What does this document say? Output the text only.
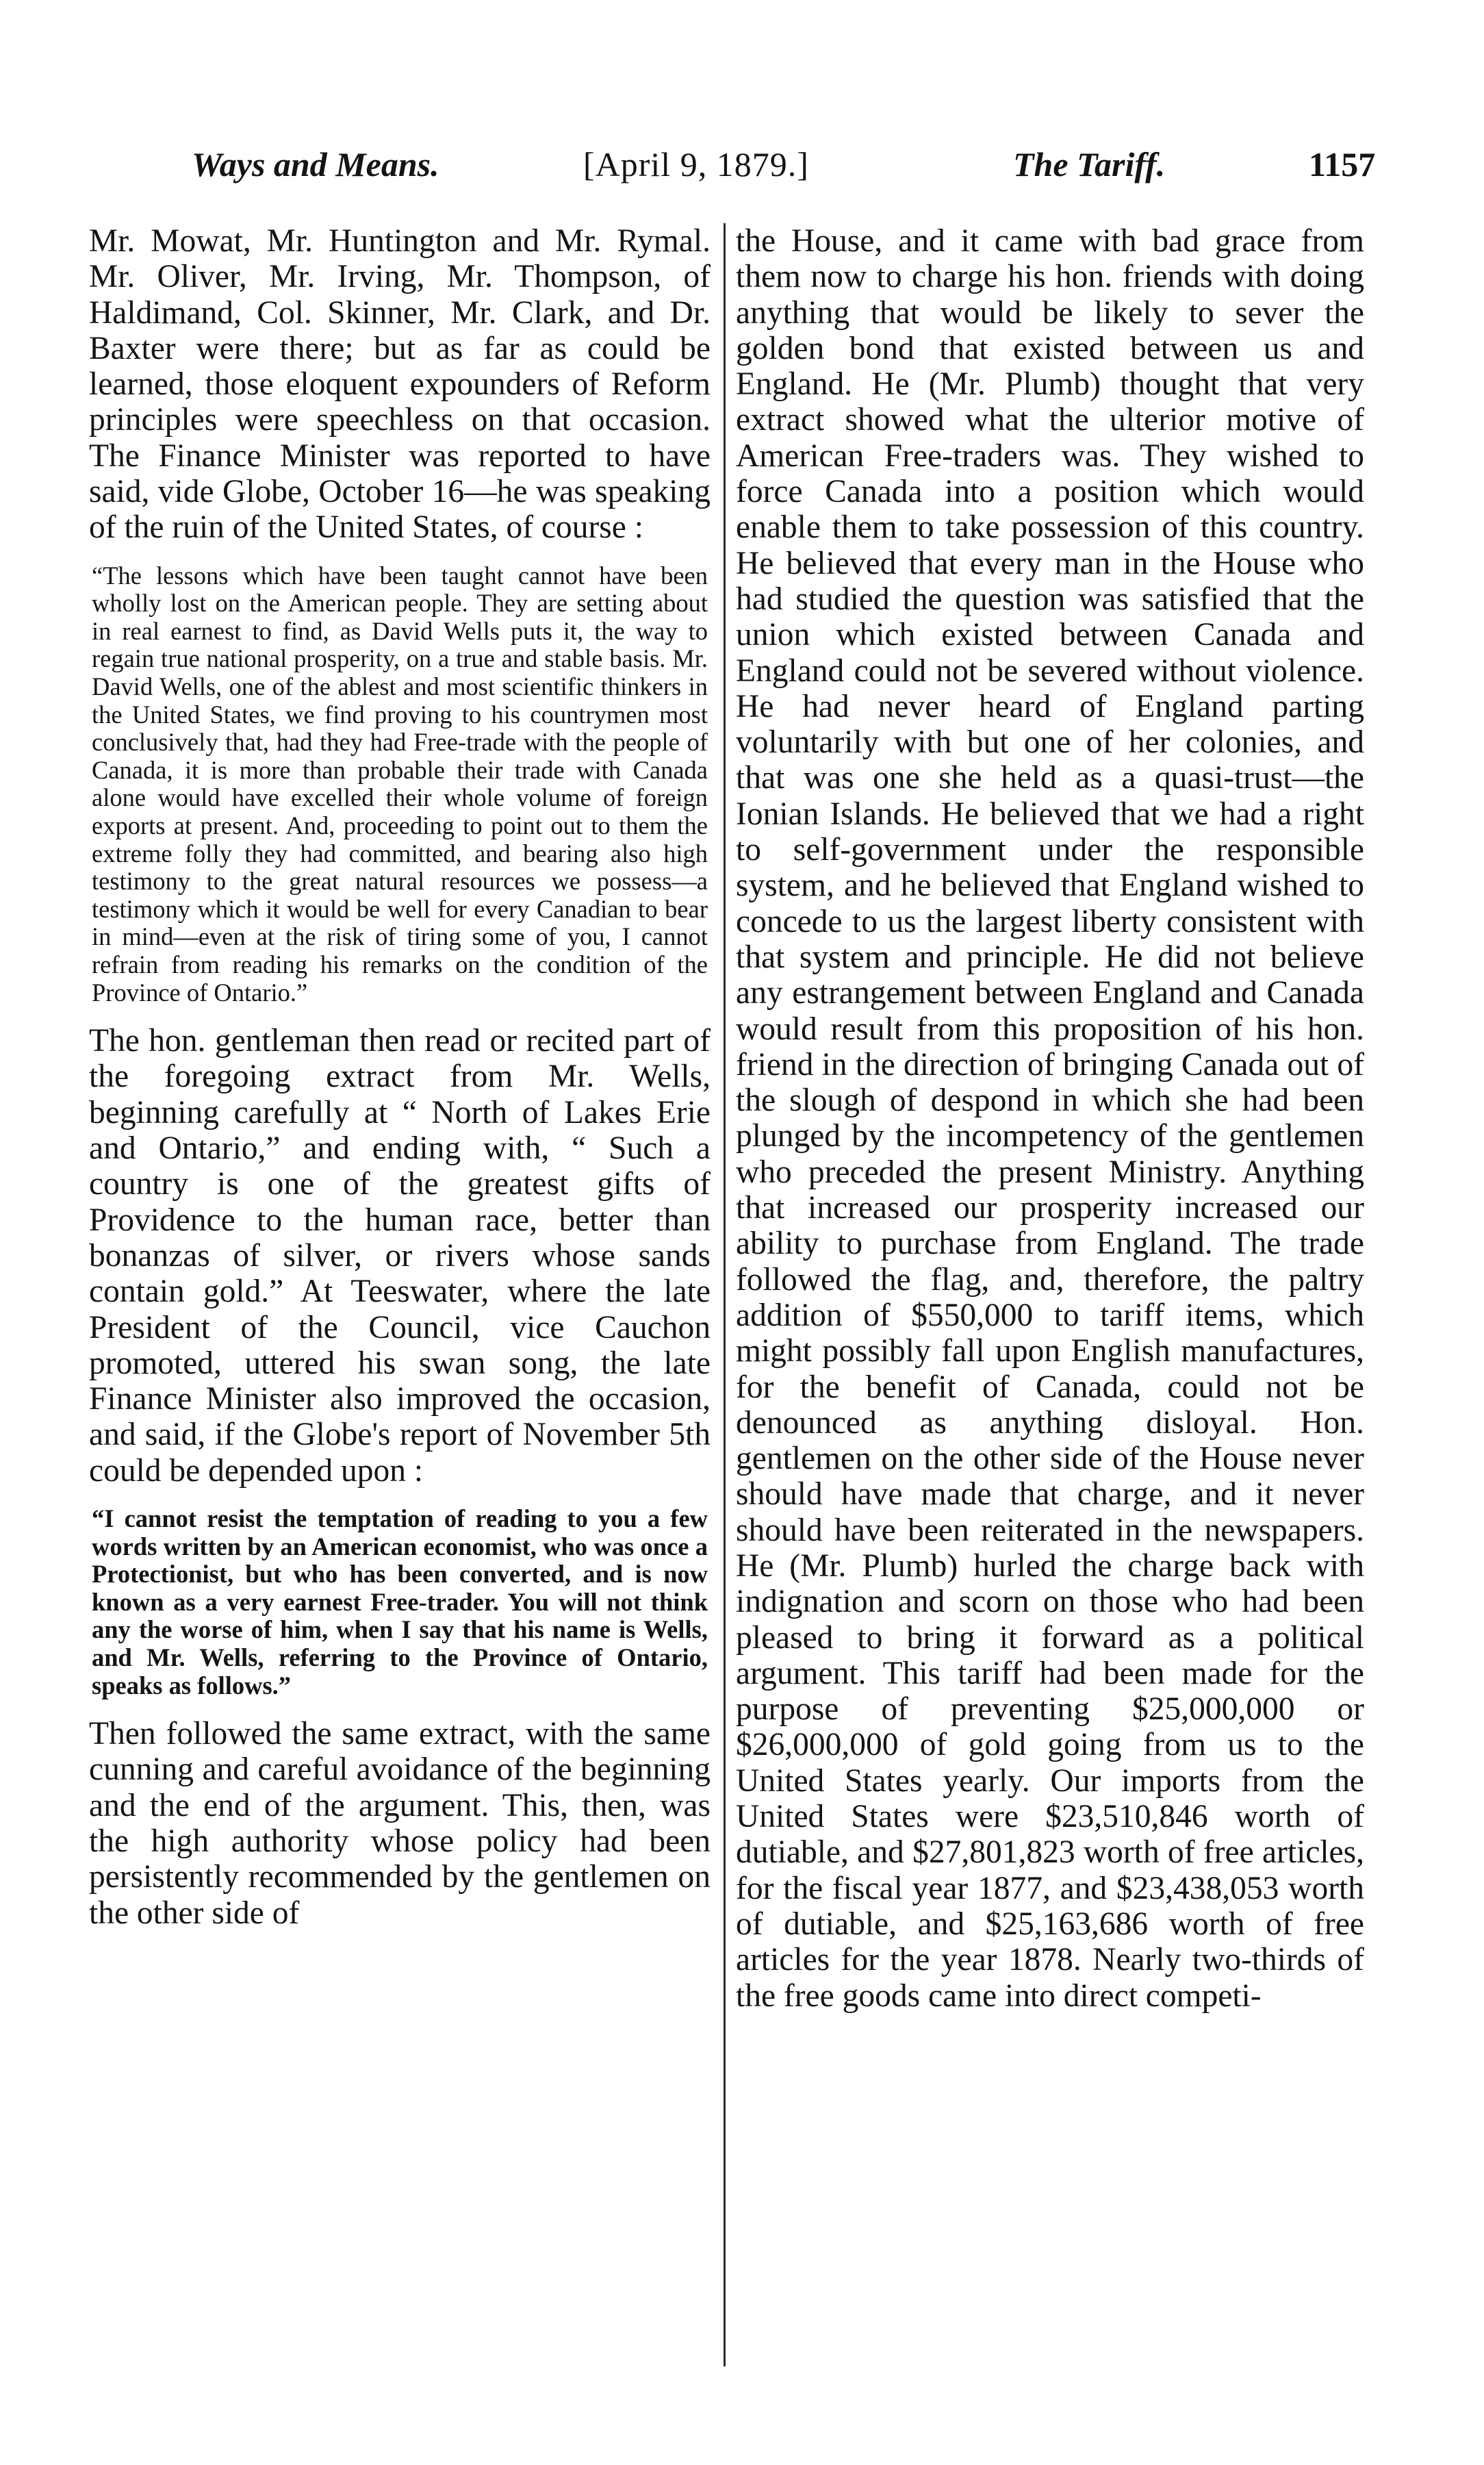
Ways and Means.	[April 9, 1879.]	The Tariff.	1157

Mr. Mowat, Mr. Huntington and Mr. Rymal. Mr. Oliver, Mr. Irving, Mr. Thompson, of Haldimand, Col. Skinner, Mr. Clark, and Dr. Baxter were there; but as far as could be learned, those eloquent expounders of Reform principles were speechless on that occasion. The Finance Minister was reported to have said, vide Globe, October 16—he was speaking of the ruin of the United States, of course :

“The lessons which have been taught cannot have been wholly lost on the American people. They are setting about in real earnest to find, as David Wells puts it, the way to regain true national prosperity, on a true and stable basis. Mr. David Wells, one of the ablest and most scientific thinkers in the United States, we find proving to his countrymen most conclusively that, had they had Free-trade with the people of Canada, it is more than probable their trade with Canada alone would have excelled their whole volume of foreign exports at present. And, proceeding to point out to them the extreme folly they had committed, and bearing also high testimony to the great natural resources we possess—a testimony which it would be well for every Canadian to bear in mind—even at the risk of tiring some of you, I cannot refrain from reading his remarks on the condition of the Province of Ontario.”

The hon. gentleman then read or recited part of the foregoing extract from Mr. Wells, beginning carefully at “ North of Lakes Erie and Ontario,” and ending with, “ Such a country is one of the greatest gifts of Providence to the human race, better than bonanzas of silver, or rivers whose sands contain gold.” At Teeswater, where the late President of the Council, vice Cauchon promoted, uttered his swan song, the late Finance Minister also improved the occasion, and said, if the Globe's report of November 5th could be depended upon :

“I cannot resist the temptation of reading to you a few words written by an American economist, who was once a Protectionist, but who has been converted, and is now known as a very earnest Free-trader. You will not think any the worse of him, when I say that his name is Wells, and Mr. Wells, referring to the Province of Ontario, speaks as follows.”

Then followed the same extract, with the same cunning and careful avoidance of the beginning and the end of the argument. This, then, was the high authority whose policy had been persistently recommended by the gentlemen on the other side of

the House, and it came with bad grace from them now to charge his hon. friends with doing anything that would be likely to sever the golden bond that existed between us and England. He (Mr. Plumb) thought that very extract showed what the ulterior motive of American Free-traders was. They wished to force Canada into a position which would enable them to take possession of this country. He believed that every man in the House who had studied the question was satisfied that the union which existed between Canada and England could not be severed without violence. He had never heard of England parting voluntarily with but one of her colonies, and that was one she held as a quasi-trust—the Ionian Islands. He believed that we had a right to self-government under the responsible system, and he believed that England wished to concede to us the largest liberty consistent with that system and principle. He did not believe any estrangement between England and Canada would result from this proposition of his hon. friend in the direction of bringing Canada out of the slough of despond in which she had been plunged by the incompetency of the gentlemen who preceded the present Ministry. Anything that increased our prosperity increased our ability to purchase from England. The trade followed the flag, and, therefore, the paltry addition of $550,000 to tariff items, which might possibly fall upon English manufactures, for the benefit of Canada, could not be denounced as anything disloyal. Hon. gentlemen on the other side of the House never should have made that charge, and it never should have been reiterated in the newspapers. He (Mr. Plumb) hurled the charge back with indignation and scorn on those who had been pleased to bring it forward as a political argument. This tariff had been made for the purpose of preventing $25,000,000 or $26,000,000 of gold going from us to the United States yearly. Our imports from the United States were $23,510,846 worth of dutiable, and $27,801,823 worth of free articles, for the fiscal year 1877, and $23,438,053 worth of dutiable, and $25,163,686 worth of free articles for the year 1878. Nearly two-thirds of the free goods came into direct competi-
